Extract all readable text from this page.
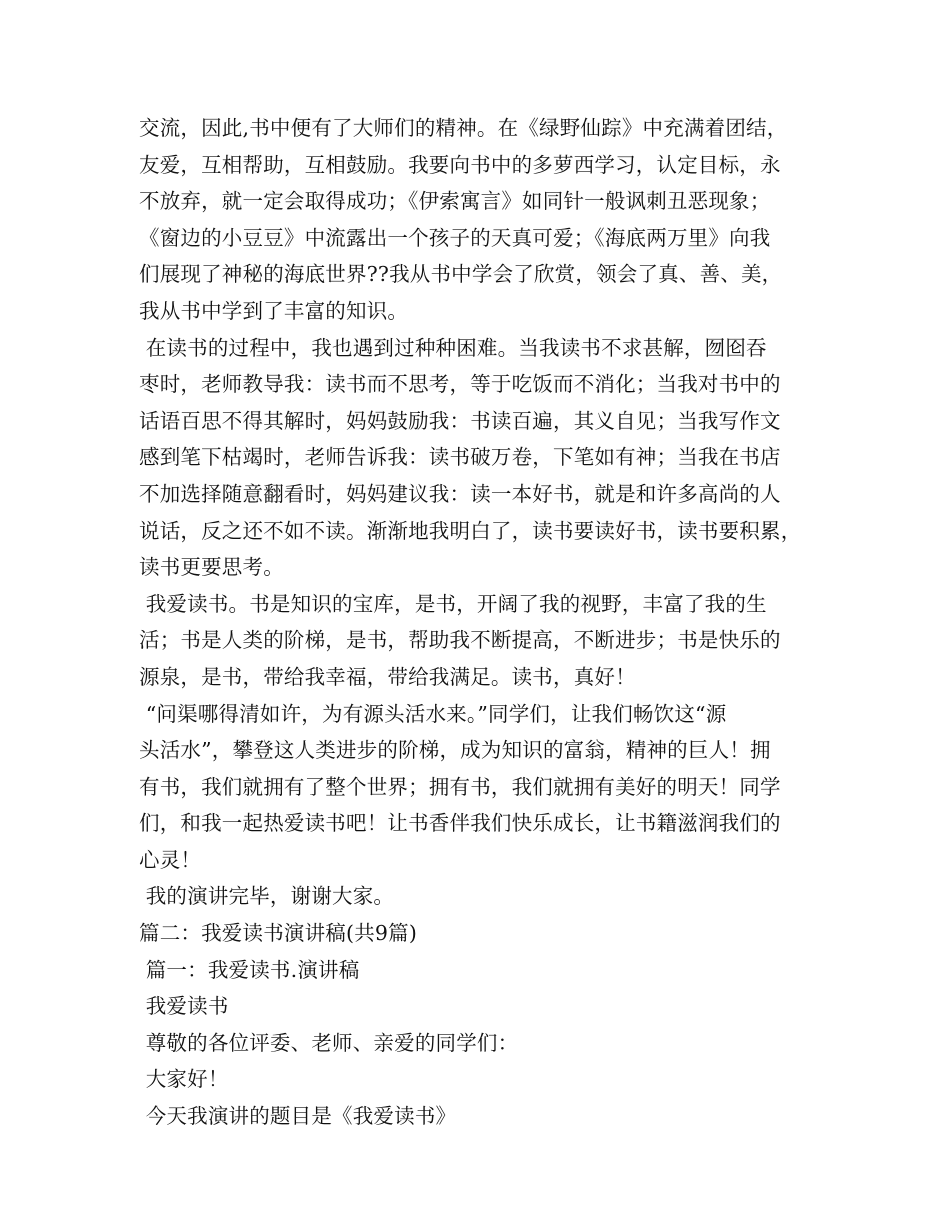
交流，因此,书中便有了大师们的精神。在《绿野仙踪》中充满着团结，
友爱，互相帮助，互相鼓励。我要向书中的多萝西学习，认定目标，永
不放弃，就一定会取得成功；《伊索寓言》如同针一般讽刺丑恶现象；
《窗边的小豆豆》中流露出一个孩子的天真可爱；《海底两万里》向我
们展现了神秘的海底世界??我从书中学会了欣赏，领会了真、善、美，
我从书中学到了丰富的知识。
在读书的过程中，我也遇到过种种困难。当我读书不求甚解，囫囵吞
枣时，老师教导我：读书而不思考，等于吃饭而不消化；当我对书中的
话语百思不得其解时，妈妈鼓励我：书读百遍，其义自见；当我写作文
感到笔下枯竭时，老师告诉我：读书破万卷，下笔如有神；当我在书店
不加选择随意翻看时，妈妈建议我：读一本好书，就是和许多高尚的人
说话，反之还不如不读。渐渐地我明白了，读书要读好书，读书要积累，
读书更要思考。
我爱读书。书是知识的宝库，是书，开阔了我的视野，丰富了我的生
活；书是人类的阶梯，是书，帮助我不断提高，不断进步；书是快乐的
源泉，是书，带给我幸福，带给我满足。读书，真好！
“问渠哪得清如许，为有源头活水来。”同学们，让我们畅饮这“源
头活水”，攀登这人类进步的阶梯，成为知识的富翁，精神的巨人！拥
有书，我们就拥有了整个世界；拥有书，我们就拥有美好的明天！同学
们，和我一起热爱读书吧！让书香伴我们快乐成长，让书籍滋润我们的
心灵！
我的演讲完毕，谢谢大家。
篇二：我爱读书演讲稿(共9篇)
篇一：我爱读书.演讲稿
我爱读书
尊敬的各位评委、老师、亲爱的同学们：
大家好！
今天我演讲的题目是《我爱读书》
